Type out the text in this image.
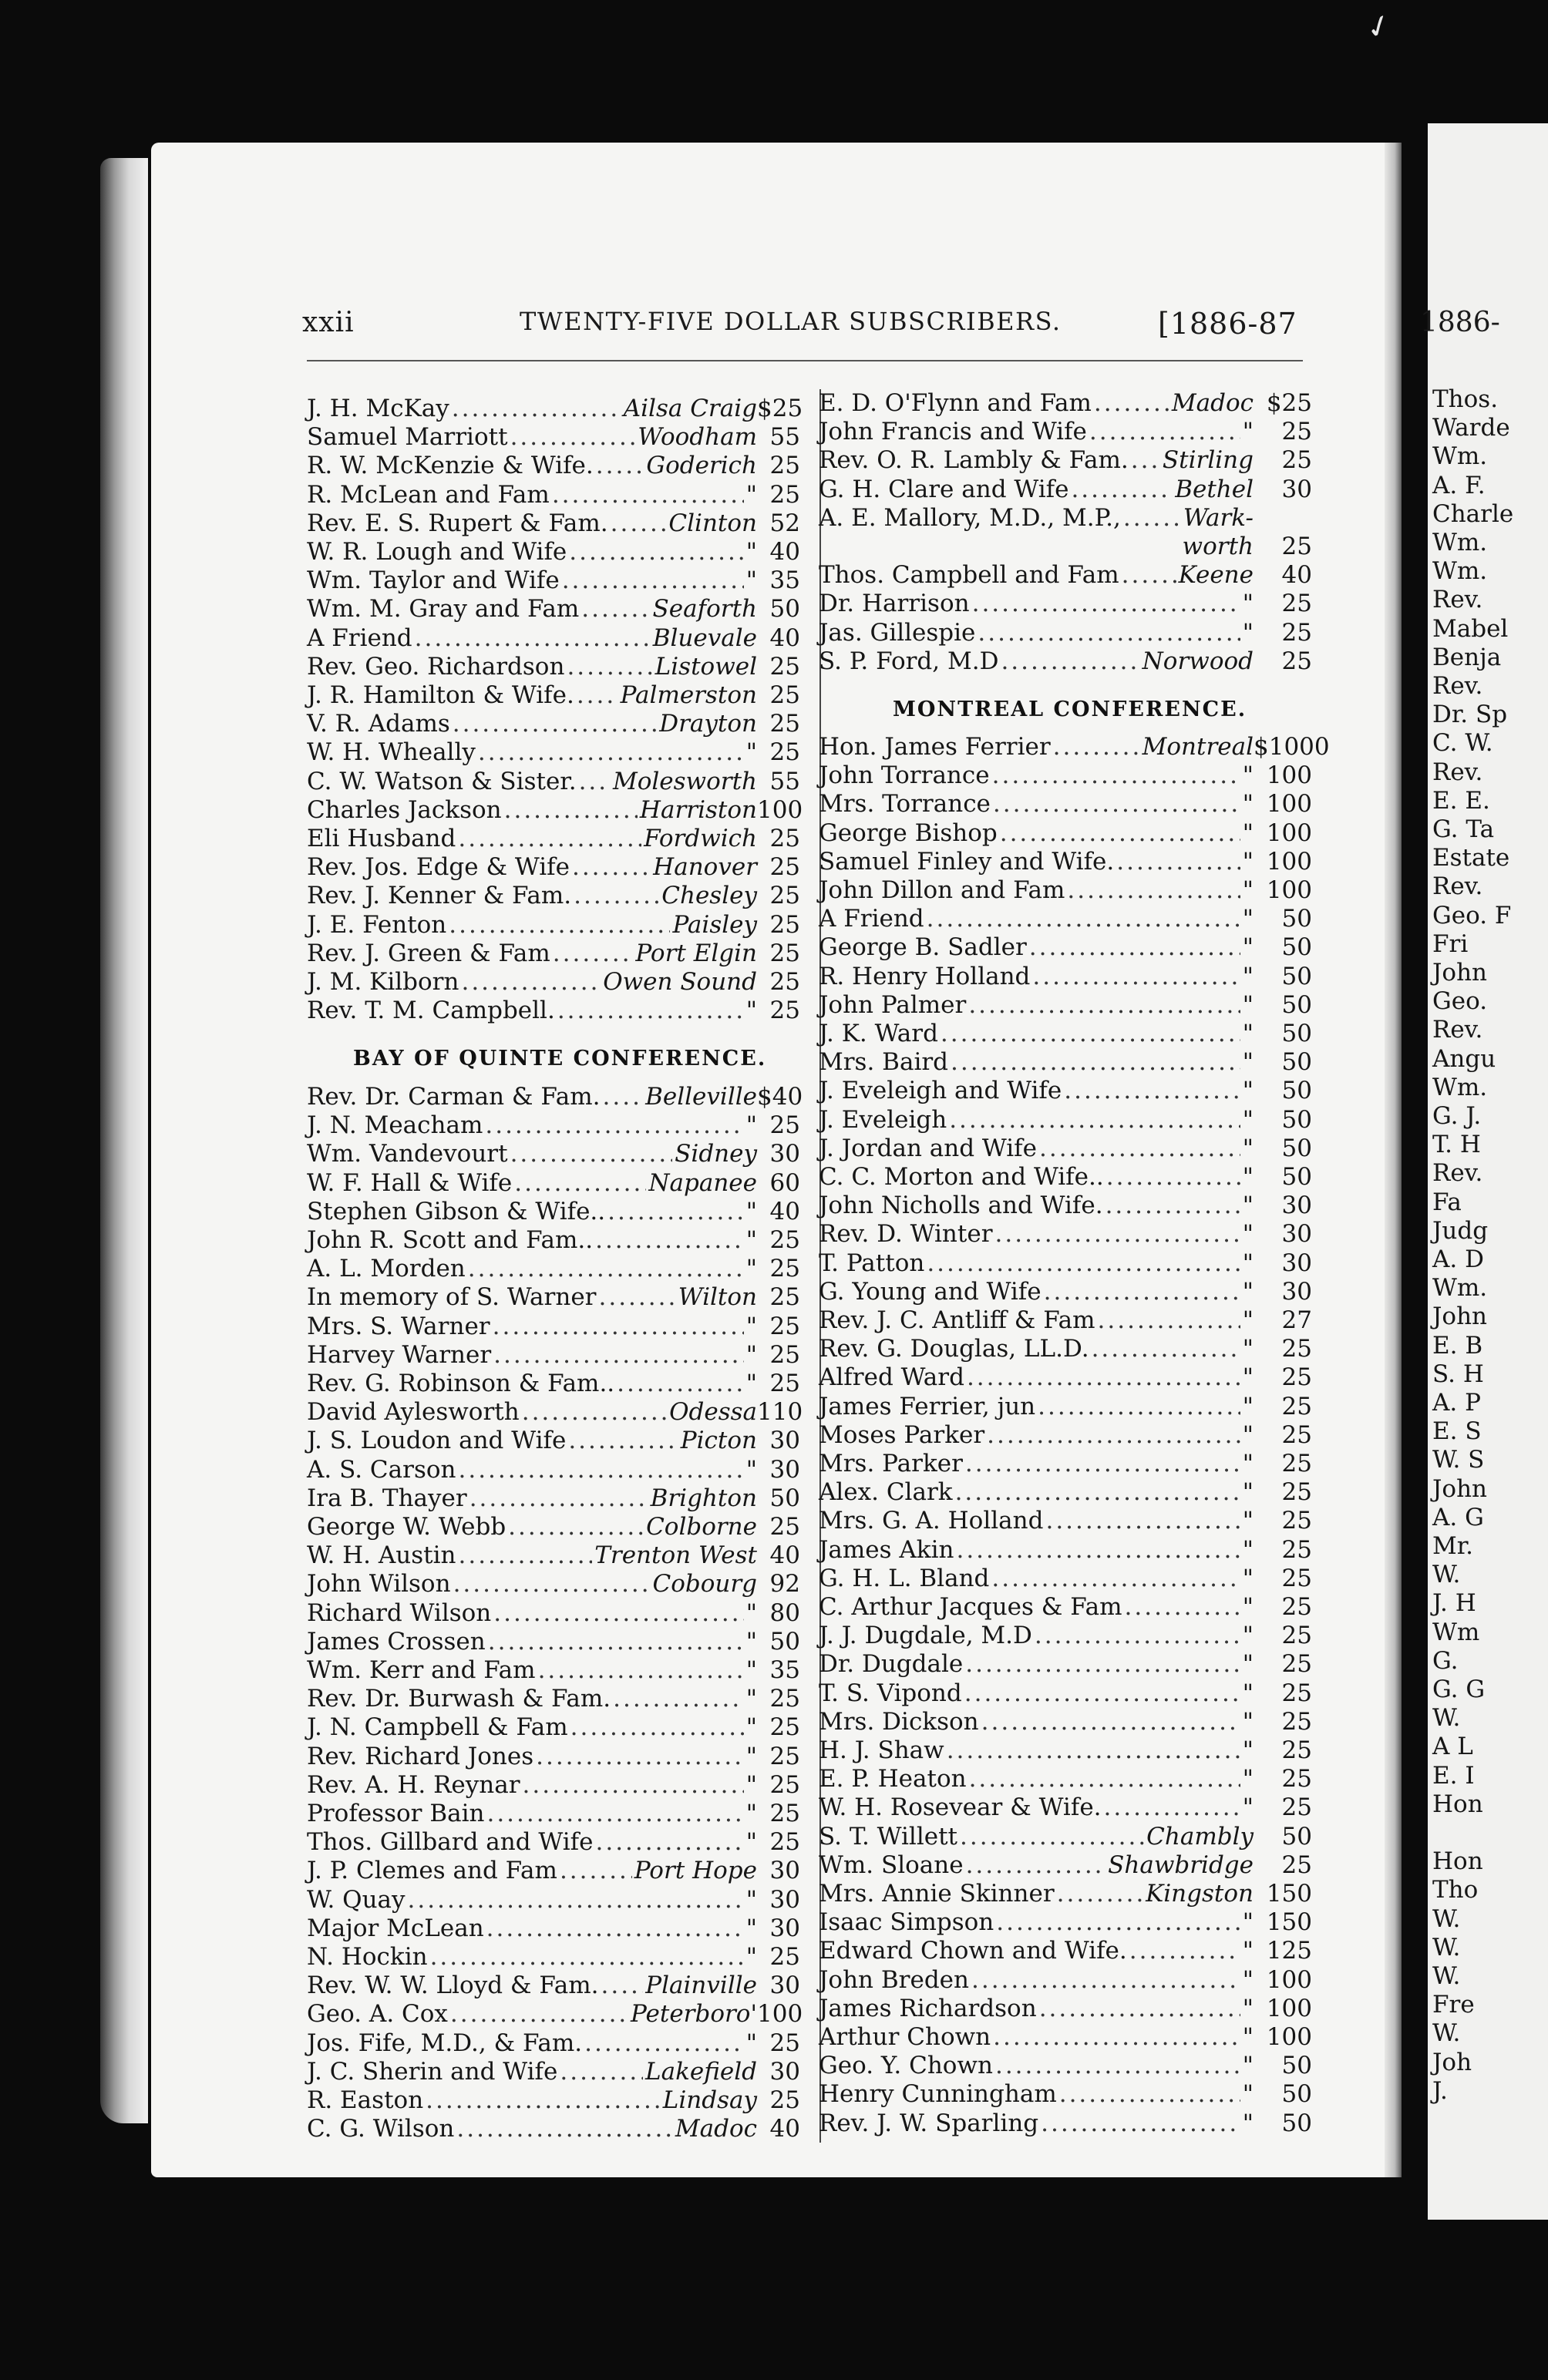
✓
xxii	TWENTY-FIVE DOLLAR SUBSCRIBERS.	[1886-87	1886-
J. H. McKay .....	Ailsa Craig $25
Samuel Marriott .....	Woodham 55
R. W. McKenzie & Wife. ..... Goderich 25
R. McLean and Fam .....	" 25
Rev. E. S. Rupert & Fam. .....	Clinton 52
W. R. Lough and Wife .....	" 40
Wm. Taylor and Wife .....	" 35
Wm. M. Gray and Fam .....	Seaforth 50
A Friend .....	Bluevale 40
Rev. Geo. Richardson .....	Listowel 25
J. R. Hamilton & Wife. ..... Palmerston 25
V. R. Adams .....	Drayton 25
W. H. Wheally .....	" 25
C. W. Watson & Sister. ..... Molesworth 55
Charles Jackson .....	Harriston 100
Eli Husband .....	Fordwich 25
Rev. Jos. Edge & Wife .....	Hanover 25
Rev. J. Kenner & Fam. .....	Chesley 25
J. E. Fenton .....	Paisley 25
Rev. J. Green & Fam .....	Port Elgin 25
J. M. Kilborn .....	Owen Sound 25
Rev. T. M. Campbell. .....	" 25
Rev. Dr. Carman & Fam. ..... Belleville $40
J. N. Meacham .....	" 25
Wm. Vandevourt .....	Sidney 30
W. F. Hall & Wife .....	Napanee 60
Stephen Gibson & Wife.. .....	" 40
John R. Scott and Fam.. .....	" 25
A. L. Morden .....	" 25
In memory of S. Warner .....	Wilton 25
Mrs. S. Warner .....	" 25
Harvey Warner .....	" 25
Rev. G. Robinson & Fam.. .....	" 25
David Aylesworth .....	Odessa 110
J. S. Loudon and Wife .....	Picton 30
A. S. Carson .....	" 30
Ira B. Thayer .....	Brighton 50
George W. Webb .....	Colborne 25
W. H. Austin .....	Trenton West 40
John Wilson .....	Cobourg 92
Richard Wilson .....	" 80
James Crossen .....	" 50
Wm. Kerr and Fam .....	" 35
Rev. Dr. Burwash & Fam. .....	" 25
J. N. Campbell & Fam .....	" 25
Rev. Richard Jones .....	" 25
Rev. A. H. Reynar .....	" 25
Professor Bain .....	" 25
Thos. Gillbard and Wife .....	" 25
J. P. Clemes and Fam .....	Port Hope 30
W. Quay .....	" 30
Major McLean .....	" 30
N. Hockin .....	" 25
Rev. W. W. Lloyd & Fam. ..... Plainville 30
Geo. A. Cox .....	Peterboro' 100
Jos. Fife, M.D., & Fam. .....	" 25
J. C. Sherin and Wife .....	Lakefield 30
R. Easton .....	Lindsay 25
C. G. Wilson .....	Madoc 40
E. D. O'Flynn and Fam .....	Madoc $25
John Francis and Wife .....	"	25
Rev. O. R. Lambly & Fam. ..... Stirling	25
G. H. Clare and Wife .....	Bethel	30
A. E. Mallory, M.D., M.P., .....	Wark-
worth	25
Thos. Campbell and Fam ..... Keene	40
Dr. Harrison .....	"	25
Jas. Gillespie .....	"	25
S. P. Ford, M.D .....	Norwood	25
Hon. James Ferrier .....	Montreal $1000
John Torrance .....	" 100
Mrs. Torrance .....	" 100
George Bishop .....	" 100
Samuel Finley and Wife. .....	" 100
John Dillon and Fam .....	" 100
A Friend .....	"	50
George B. Sadler .....	"	50
R. Henry Holland .....	"	50
John Palmer .....	"	50
J. K. Ward .....	"	50
Mrs. Baird .....	"	50
J. Eveleigh and Wife .....	"	50
J. Eveleigh .....	"	50
J. Jordan and Wife .....	"	50
C. C. Morton and Wife.. .....	"	50
John Nicholls and Wife. .....	"	30
Rev. D. Winter .....	"	30
T. Patton .....	"	30
G. Young and Wife .....	"	30
Rev. J. C. Antliff & Fam .....	"	27
Rev. G. Douglas, LL.D. .....	"	25
Alfred Ward .....	"	25
James Ferrier, jun .....	"	25
Moses Parker .....	"	25
Mrs. Parker .....	"	25
Alex. Clark .....	"	25
Mrs. G. A. Holland .....	"	25
James Akin .....	"	25
G. H. L. Bland .....	"	25
C. Arthur Jacques & Fam .....	"	25
J. J. Dugdale, M.D .....	"	25
Dr. Dugdale .....	"	25
T. S. Vipond .....	"	25
Mrs. Dickson .....	"	25
H. J. Shaw .....	"	25
E. P. Heaton .....	"	25
W. H. Rosevear & Wife. .....	"	25
S. T. Willett .....	Chambly	50
Wm. Sloane .....	Shawbridge	25
Mrs. Annie Skinner .....	Kingston 150
Isaac Simpson .....	" 150
Edward Chown and Wife. .....	" 125
John Breden .....	" 100
James Richardson .....	" 100
Arthur Chown .....	" 100
Geo. Y. Chown .....	"	50
Henry Cunningham .....	"	50
Rev. J. W. Sparling .....	"	50
BAY OF QUINTE CONFERENCE.
MONTREAL CONFERENCE.
Thos.
Warde
Wm.
A. F.
Charle
Wm.
Wm.
Rev.
Mabel
Benja
Rev.
Dr. Sp
C. W.
Rev.
E. E.
G. Ta
Estate
Rev.
Geo. F
Fri
John
Geo.
Rev.
Angu
Wm.
G. J.
T. H
Rev.
Fa
Judg
A. D
Wm.
John
E. B
S. H
A. P
E. S
W. S
John
A. G
Mr.
W.
J. H
Wm
G.
G. G
W.
A L
E. I
Hon
Hon
Tho
W.
W.
W.
Fre
W.
Joh
J.
